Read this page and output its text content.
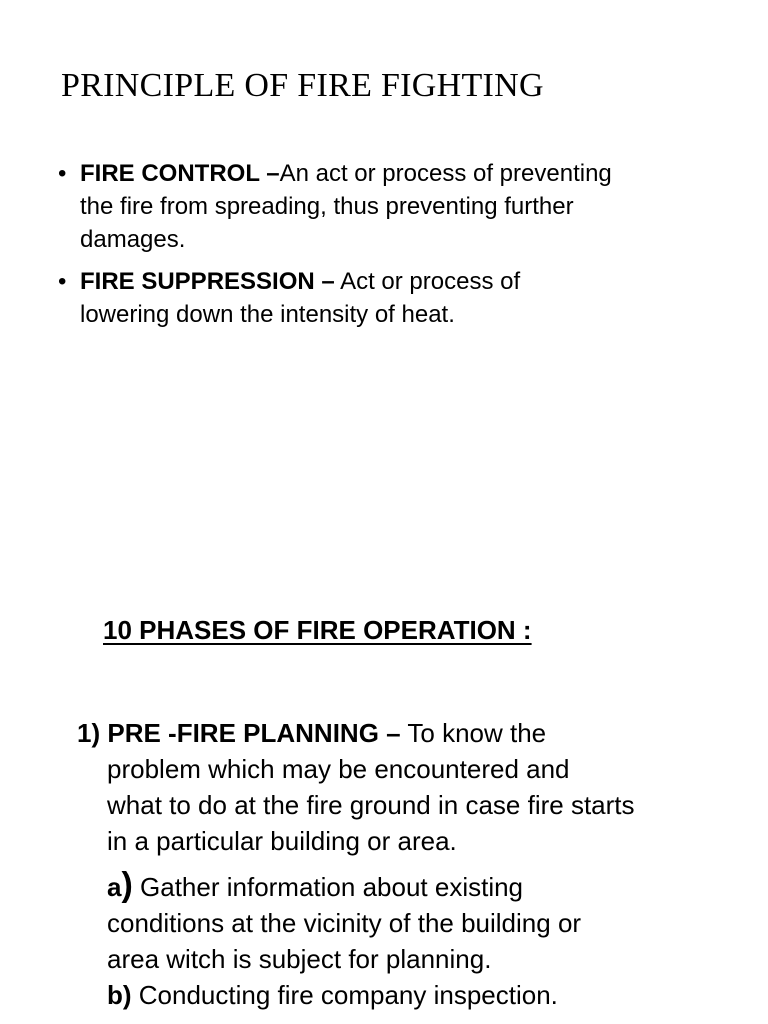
PRINCIPLE OF FIRE FIGHTING
• FIRE CONTROL –An act or process of preventing
the fire from spreading, thus preventing further
damages.
• FIRE SUPPRESSION – Act or process of
lowering down the intensity of heat.
10 PHASES OF FIRE OPERATION :
1) PRE -FIRE PLANNING – To know the
problem which may be encountered and
what to do at the fire ground in case fire starts
in a particular building or area.
a) Gather information about existing
conditions at the vicinity of the building or
area witch is subject for planning.
b) Conducting fire company inspection.
